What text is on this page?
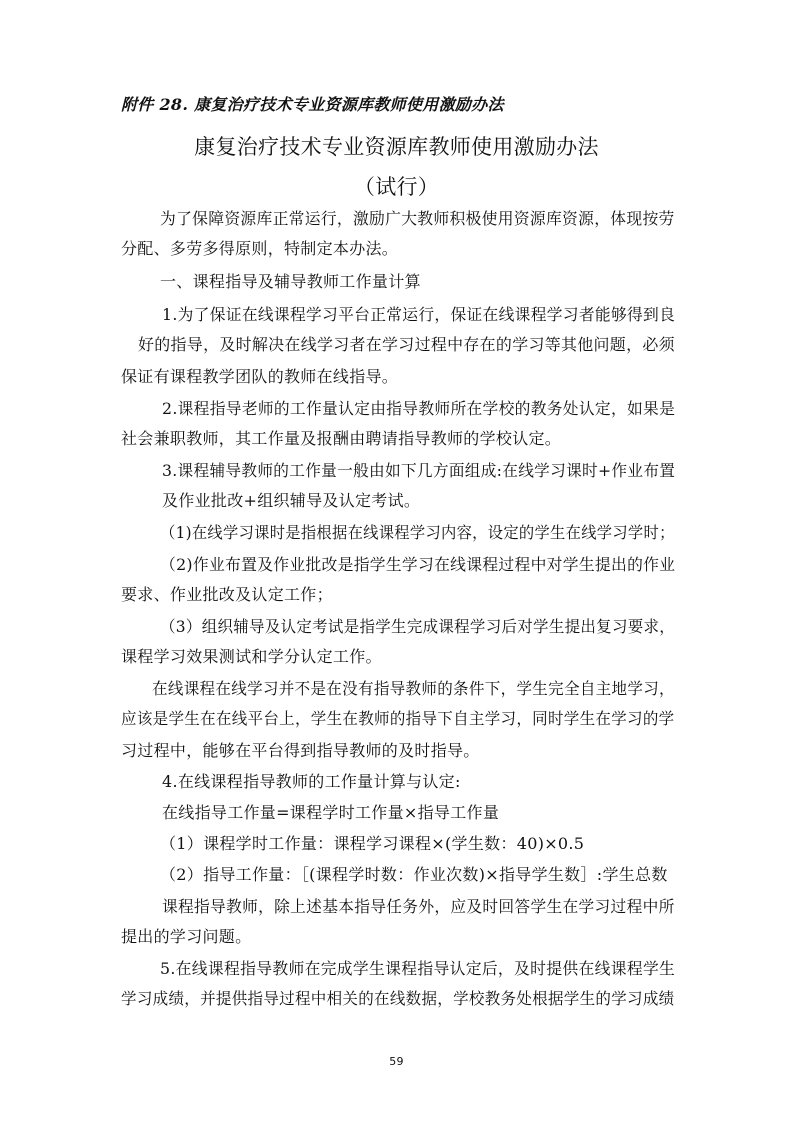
附件 28. 康复治疗技术专业资源库教师使用激励办法
康复治疗技术专业资源库教师使用激励办法
（试行）
为了保障资源库正常运行，激励广大教师积极使用资源库资源，体现按劳
分配、多劳多得原则，特制定本办法。
一、课程指导及辅导教师工作量计算
1.为了保证在线课程学习平台正常运行，保证在线课程学习者能够得到良
好的指导，及时解决在线学习者在学习过程中存在的学习等其他问题，必须
保证有课程教学团队的教师在线指导。
2.课程指导老师的工作量认定由指导教师所在学校的教务处认定，如果是
社会兼职教师，其工作量及报酬由聘请指导教师的学校认定。
3.课程辅导教师的工作量一般由如下几方面组成:在线学习课时+作业布置
及作业批改+组织辅导及认定考试。
（1)在线学习课时是指根据在线课程学习内容，设定的学生在线学习学时；
（2)作业布置及作业批改是指学生学习在线课程过程中对学生提出的作业
要求、作业批改及认定工作；
（3）组织辅导及认定考试是指学生完成课程学习后对学生提出复习要求，
课程学习效果测试和学分认定工作。
在线课程在线学习并不是在没有指导教师的条件下，学生完全自主地学习，
应该是学生在在线平台上，学生在教师的指导下自主学习，同时学生在学习的学
习过程中，能够在平台得到指导教师的及时指导。
4.在线课程指导教师的工作量计算与认定:
在线指导工作量=课程学时工作量×指导工作量
（1）课程学时工作量：课程学习课程×(学生数：40)×0.5
（2）指导工作量：［(课程学时数：作业次数)×指导学生数］:学生总数
课程指导教师，除上述基本指导任务外，应及时回答学生在学习过程中所
提出的学习问题。
5.在线课程指导教师在完成学生课程指导认定后，及时提供在线课程学生
学习成绩，并提供指导过程中相关的在线数据，学校教务处根据学生的学习成绩
59
